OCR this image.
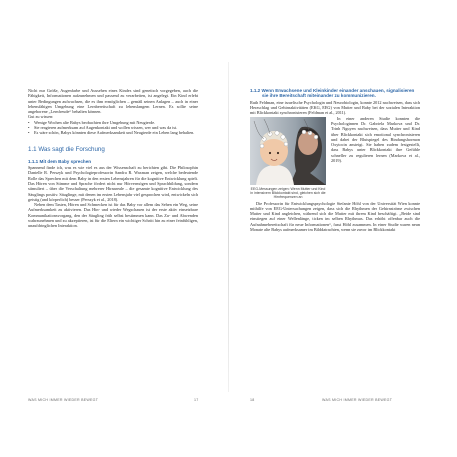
Nicht nur Größe, Augenfarbe und Aussehen eines Kindes sind genetisch vorgegeben, auch die Fähigkeit, Informationen aufzunehmen und passend zu verarbeiten, ist angelegt. Ein Kind erlebt unter Bedingungen aufwachsen, die es ihm ermöglichen – gemäß seinen Anlagen – auch in einer lebensfähigen Umgebung eine Lernbereitschaft zu lebenslangem Lernen. Es sollte seine angeborene „Lernfreude“ behalten können.

Gut zu wissen:

• Wenige Wochen alte Babys beobachten ihre Umgebung mit Neugierde.
• Sie reagieren aufmerksam auf Augenkontakt und wollen wissen, wer und was da ist.
• Es wäre schön, Babys könnten diese Aufmerksamkeit und Neugierde ein Leben lang behalten.
1.1 Was sagt die Forschung
1.1.1 Mit dem Baby sprechen

Spannend finde ich, was es wie viel es aus der Wissenschaft zu berichten gibt. Die Philosophin Danielle R. Perszyk und Psychologieprofessorin Sandra R. Waxman zeigen, welche bedeutende Rolle das Sprechen mit dem Baby in den ersten Lebensjahren für die kognitive Entwicklung spielt. Das Hören von Stimme und Sprache fördert nicht nur Hörvermögen und Sprachbildung, sondern stimuliert – über die Verschaltung mehrerer Hirnareale – die gesamte kognitive Entwicklung des Säuglings positiv. Säuglinge, mit denen im ersten Lebensjahr viel gesprochen wird, entwickeln sich geistig (und körperlich) besser (Perszyk et al., 2018).

Neben dem Tasten, Hören und Schmecken ist für das Baby vor allem das Sehen ein Weg, seine Aufmerksamkeit zu aktivieren. Das Hin- und wieder Wegschauen ist der erste aktiv einsetzbare Kommunikationsvorgang, den der Säugling früh selbst bestimmen kann. Das Zu- und Abwenden wahrzunehmen und zu akzeptieren, ist für die Eltern ein wichtiger Schritt hin zu einer feinfühligen, unaufdringlichen Interaktion.

1.1.2 Wenn Erwachsene und Kleinkinder einander anschauen, signalisieren sie ihre Bereitschaft miteinander zu kommunizieren.

Ruth Feldman, eine israelische Psychologin und Neurobiologin, konnte 2012 nachweisen, dass sich Herzschlag und Gehirnaktivitäten (EKG, EEG) von Mutter und Baby bei der sozialen Interaktion mit Blickkontakt synchronisieren (Feldman et al., 2011).

EEG-Messungen zeigen: Wenn Mutter und Kind in intensivem Blickkontakt sind, gleichen sich die Hirnfrequenzen an

In einer anderen Studie konnten die Psychologinnen Dr. Gabriela Markova und Dr. Trinh Nguyen nachweisen, dass Mutter und Kind über Blickkontakt sich emotional synchronisieren und dabei der Blutspiegel des Bindungshormon Oxytocin ansteigt. Sie haben zudem festgestellt, dass Babys unter Blickkontakt ihre Gefühle schneller zu regulieren lernen (Markova et al., 2019).

Die Professorin für Entwicklungspsychologie Stefanie Höhl von der Universität Wien konnte mithilfe von EEG-Untersuchungen zeigen, dass sich die Rhythmen der Gehirnströme zwischen Mutter und Kind angleichen, während sich die Mutter mit ihrem Kind beschäftigt. „Beide sind einstiegen auf einer Wellenlänge, ticken im selben Rhythmus. Das erhöht offenbar auch die Aufnahmebereitschaft für neue Informationen“, fasst Höhl zusammen. In einer Studie waren neun Monate alte Babys aufmerksamer im Bilddatrachten, wenn sie zuvor im Blickkontakt

WAS MICH IMMER WIEDER BEWEGT	17	18	WAS MICH IMMER WIEDER BEWEGT
